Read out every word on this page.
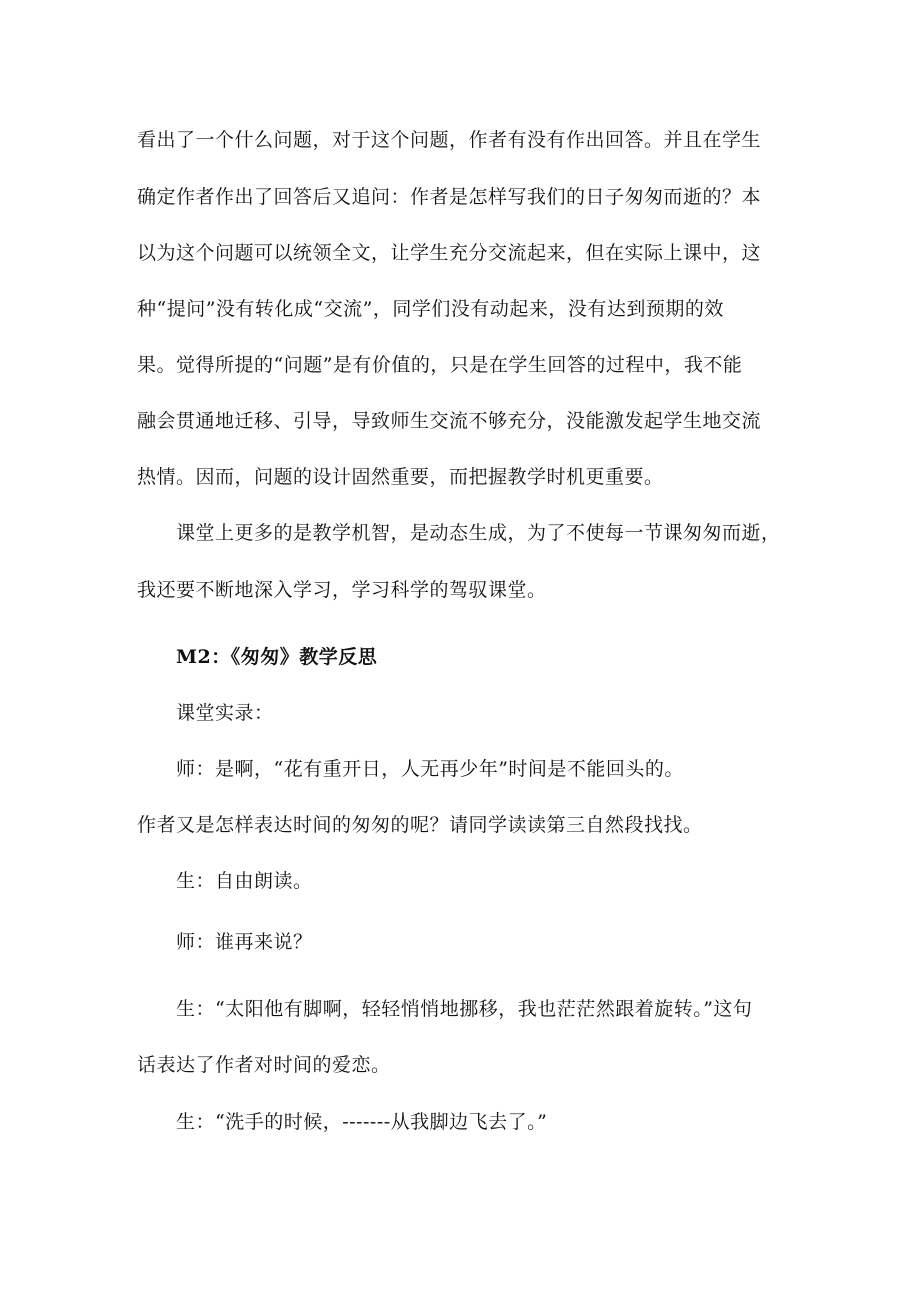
看出了一个什么问题，对于这个问题，作者有没有作出回答。并且在学生
确定作者作出了回答后又追问：作者是怎样写我们的日子匆匆而逝的？本
以为这个问题可以统领全文，让学生充分交流起来，但在实际上课中，这
种“提问”没有转化成“交流”，同学们没有动起来，没有达到预期的效
果。觉得所提的“问题”是有价值的，只是在学生回答的过程中，我不能
融会贯通地迁移、引导，导致师生交流不够充分，没能激发起学生地交流
热情。因而，问题的设计固然重要，而把握教学时机更重要。
课堂上更多的是教学机智，是动态生成，为了不使每一节课匆匆而逝，
我还要不断地深入学习，学习科学的驾驭课堂。
M2：《匆匆》教学反思
课堂实录：
师：是啊，“花有重开日，人无再少年”时间是不能回头的。
作者又是怎样表达时间的匆匆的呢？请同学读读第三自然段找找。
生：自由朗读。
师：谁再来说？
生：“太阳他有脚啊，轻轻悄悄地挪移，我也茫茫然跟着旋转。”这句
话表达了作者对时间的爱恋。
生：“洗手的时候，-------从我脚边飞去了。”
